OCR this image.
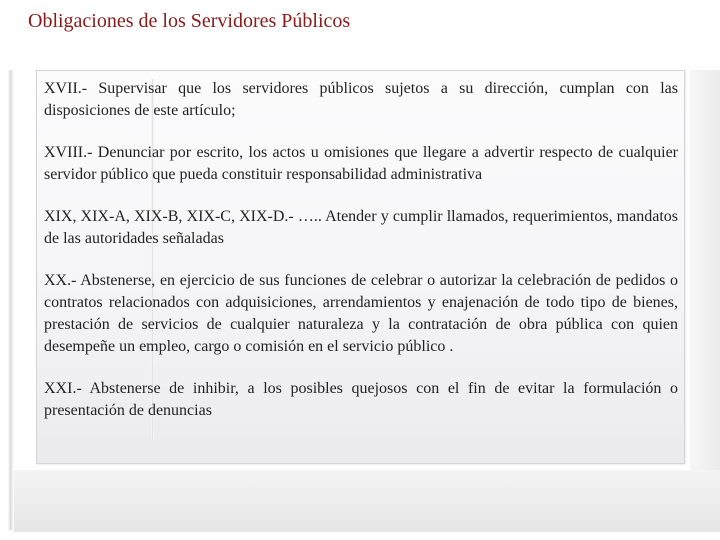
Obligaciones de los Servidores Públicos

XVII.- Supervisar que los servidores públicos sujetos a su dirección, cumplan con las disposiciones de este artículo;

XVIII.- Denunciar por escrito, los actos u omisiones que llegare a advertir respecto de cualquier servidor público que pueda constituir responsabilidad administrativa

XIX, XIX-A, XIX-B, XIX-C, XIX-D.- ….. Atender y cumplir llamados, requerimientos, mandatos de las autoridades señaladas

XX.- Abstenerse, en ejercicio de sus funciones de celebrar o autorizar la celebración de pedidos o contratos relacionados con adquisiciones, arrendamientos y enajenación de todo tipo de bienes, prestación de servicios de cualquier naturaleza y la contratación de obra pública con quien desempeñe un empleo, cargo o comisión en el servicio público .

XXI.- Abstenerse de inhibir, a los posibles quejosos con el fin de evitar la formulación o presentación de denuncias
